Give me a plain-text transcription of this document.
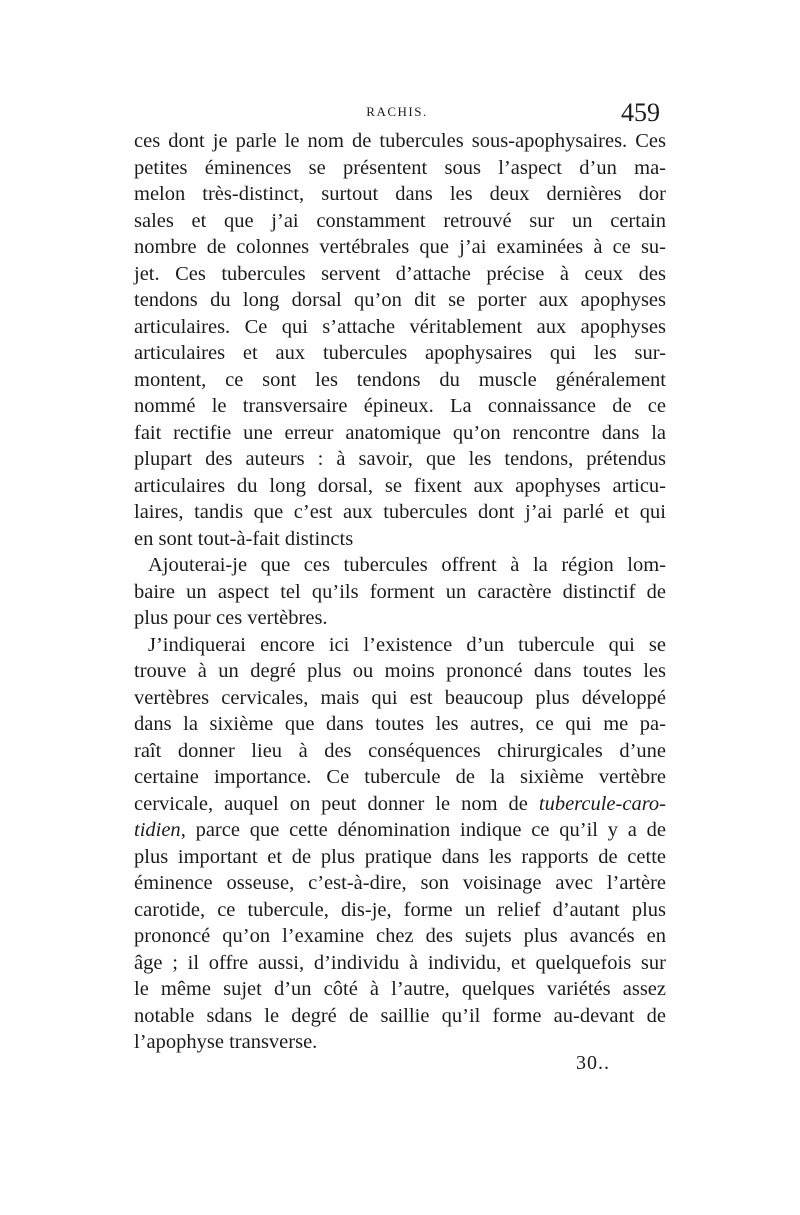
RACHIS.	459
ces dont je parle le nom de tubercules sous-apophysaires. Ces
petites éminences se présentent sous l’aspect d’un ma-
melon très-distinct, surtout dans les deux dernières dor
sales et que j’ai constamment retrouvé sur un certain
nombre de colonnes vertébrales que j’ai examinées à ce su-
jet. Ces tubercules servent d’attache précise à ceux des
tendons du long dorsal qu’on dit se porter aux apophyses
articulaires. Ce qui s’attache véritablement aux apophyses
articulaires et aux tubercules apophysaires qui les sur-
montent, ce sont les tendons du muscle généralement
nommé le transversaire épineux. La connaissance de ce
fait rectifie une erreur anatomique qu’on rencontre dans la
plupart des auteurs : à savoir, que les tendons, prétendus
articulaires du long dorsal, se fixent aux apophyses articu-
laires, tandis que c’est aux tubercules dont j’ai parlé et qui
en sont tout-à-fait distincts
Ajouterai-je que ces tubercules offrent à la région lom-
baire un aspect tel qu’ils forment un caractère distinctif de
plus pour ces vertèbres.
J’indiquerai encore ici l’existence d’un tubercule qui se
trouve à un degré plus ou moins prononcé dans toutes les
vertèbres cervicales, mais qui est beaucoup plus développé
dans la sixième que dans toutes les autres, ce qui me pa-
raît donner lieu à des conséquences chirurgicales d’une
certaine importance. Ce tubercule de la sixième vertèbre
cervicale, auquel on peut donner le nom de tubercule-caro-
tidien, parce que cette dénomination indique ce qu’il y a de
plus important et de plus pratique dans les rapports de cette
éminence osseuse, c’est-à-dire, son voisinage avec l’artère
carotide, ce tubercule, dis-je, forme un relief d’autant plus
prononcé qu’on l’examine chez des sujets plus avancés en
âge ; il offre aussi, d’individu à individu, et quelquefois sur
le même sujet d’un côté à l’autre, quelques variétés assez
notable sdans le degré de saillie qu’il forme au-devant de
l’apophyse transverse.
30..
